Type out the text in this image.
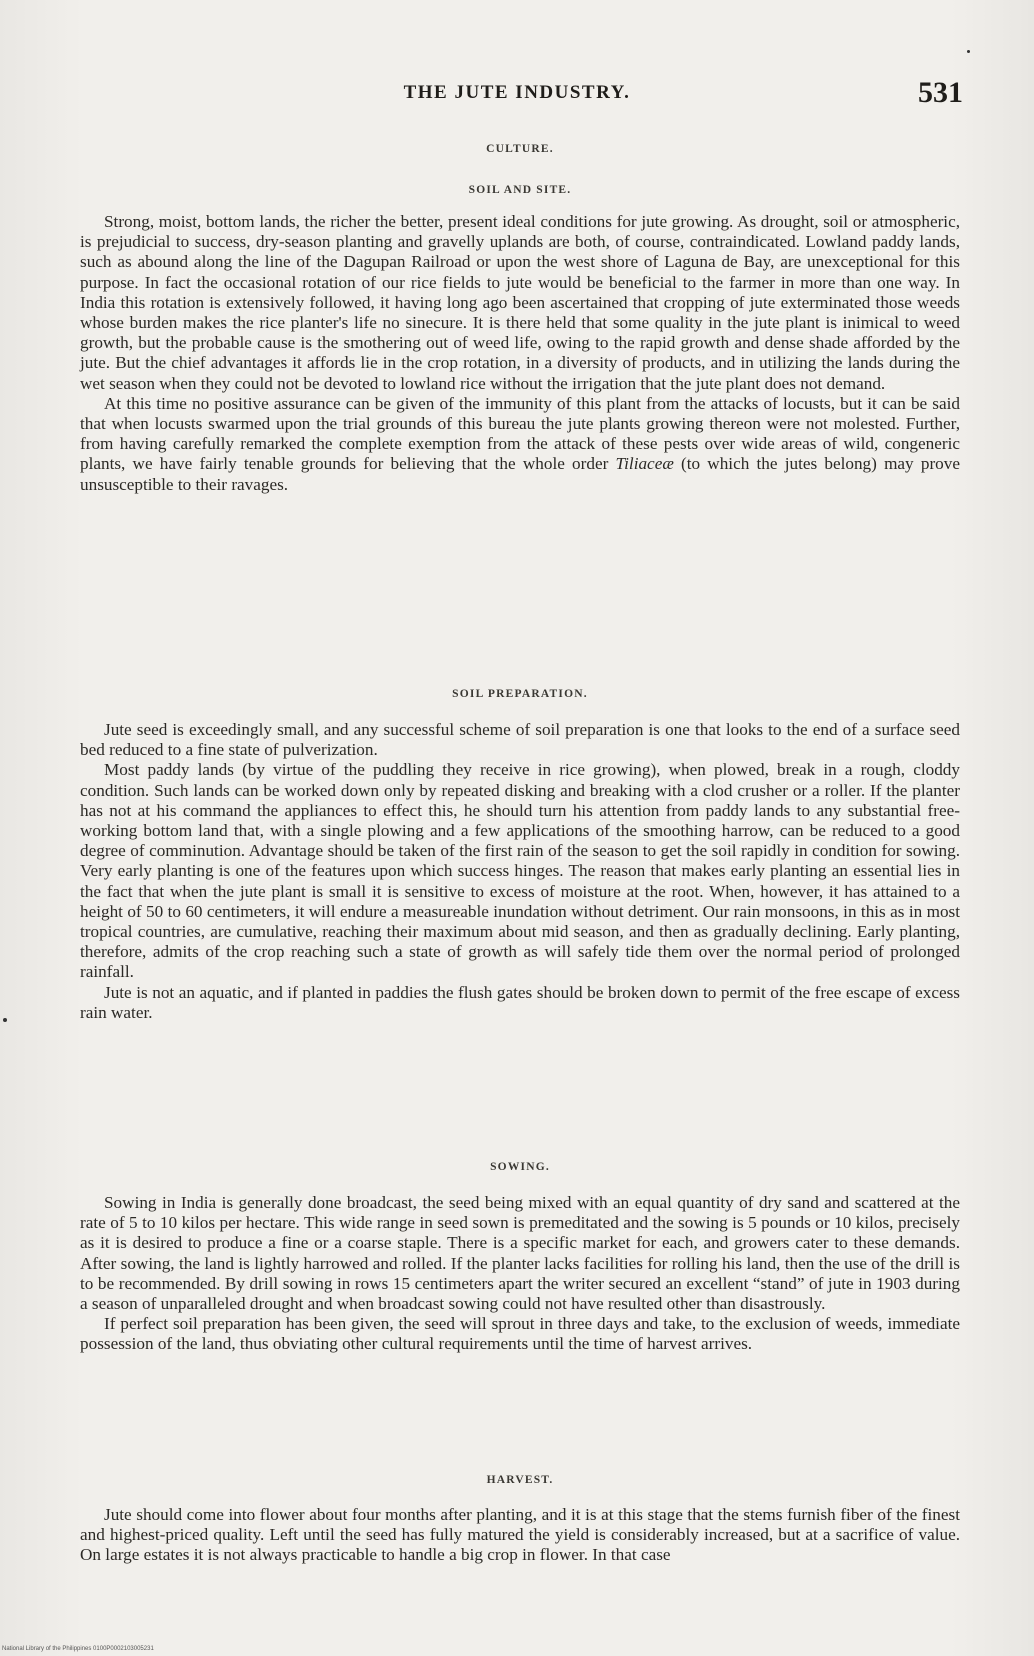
THE JUTE INDUSTRY.	531

CULTURE.

SOIL AND SITE.

Strong, moist, bottom lands, the richer the better, present ideal conditions for jute growing. As drought, soil or atmospheric, is prejudicial to success, dry-season planting and gravelly uplands are both, of course, contraindicated. Lowland paddy lands, such as abound along the line of the Dagupan Railroad or upon the west shore of Laguna de Bay, are unexceptional for this purpose. In fact the occasional rotation of our rice fields to jute would be beneficial to the farmer in more than one way. In India this rotation is extensively followed, it having long ago been ascertained that cropping of jute exterminated those weeds whose burden makes the rice planter's life no sinecure. It is there held that some quality in the jute plant is inimical to weed growth, but the probable cause is the smothering out of weed life, owing to the rapid growth and dense shade afforded by the jute. But the chief advantages it affords lie in the crop rotation, in a diversity of products, and in utilizing the lands during the wet season when they could not be devoted to lowland rice without the irrigation that the jute plant does not demand.

At this time no positive assurance can be given of the immunity of this plant from the attacks of locusts, but it can be said that when locusts swarmed upon the trial grounds of this bureau the jute plants growing thereon were not molested. Further, from having carefully remarked the complete exemption from the attack of these pests over wide areas of wild, congeneric plants, we have fairly tenable grounds for believing that the whole order Tiliaceæ (to which the jutes belong) may prove unsusceptible to their ravages.

SOIL PREPARATION.

Jute seed is exceedingly small, and any successful scheme of soil preparation is one that looks to the end of a surface seed bed reduced to a fine state of pulverization.

Most paddy lands (by virtue of the puddling they receive in rice growing), when plowed, break in a rough, cloddy condition. Such lands can be worked down only by repeated disking and breaking with a clod crusher or a roller. If the planter has not at his command the appliances to effect this, he should turn his attention from paddy lands to any substantial free-working bottom land that, with a single plowing and a few applications of the smoothing harrow, can be reduced to a good degree of comminution. Advantage should be taken of the first rain of the season to get the soil rapidly in condition for sowing. Very early planting is one of the features upon which success hinges. The reason that makes early planting an essential lies in the fact that when the jute plant is small it is sensitive to excess of moisture at the root. When, however, it has attained to a height of 50 to 60 centimeters, it will endure a measureable inundation without detriment. Our rain monsoons, in this as in most tropical countries, are cumulative, reaching their maximum about mid season, and then as gradually declining. Early planting, therefore, admits of the crop reaching such a state of growth as will safely tide them over the normal period of prolonged rainfall.

Jute is not an aquatic, and if planted in paddies the flush gates should be broken down to permit of the free escape of excess rain water.

SOWING.

Sowing in India is generally done broadcast, the seed being mixed with an equal quantity of dry sand and scattered at the rate of 5 to 10 kilos per hectare. This wide range in seed sown is premeditated and the sowing is 5 pounds or 10 kilos, precisely as it is desired to produce a fine or a coarse staple. There is a specific market for each, and growers cater to these demands. After sowing, the land is lightly harrowed and rolled. If the planter lacks facilities for rolling his land, then the use of the drill is to be recommended. By drill sowing in rows 15 centimeters apart the writer secured an excellent “stand” of jute in 1903 during a season of unparalleled drought and when broadcast sowing could not have resulted other than disastrously.

If perfect soil preparation has been given, the seed will sprout in three days and take, to the exclusion of weeds, immediate possession of the land, thus obviating other cultural requirements until the time of harvest arrives.

HARVEST.

Jute should come into flower about four months after planting, and it is at this stage that the stems furnish fiber of the finest and highest-priced quality. Left until the seed has fully matured the yield is considerably increased, but at a sacrifice of value. On large estates it is not always practicable to handle a big crop in flower. In that case

National Library of the Philippines 0100P0002103005231
